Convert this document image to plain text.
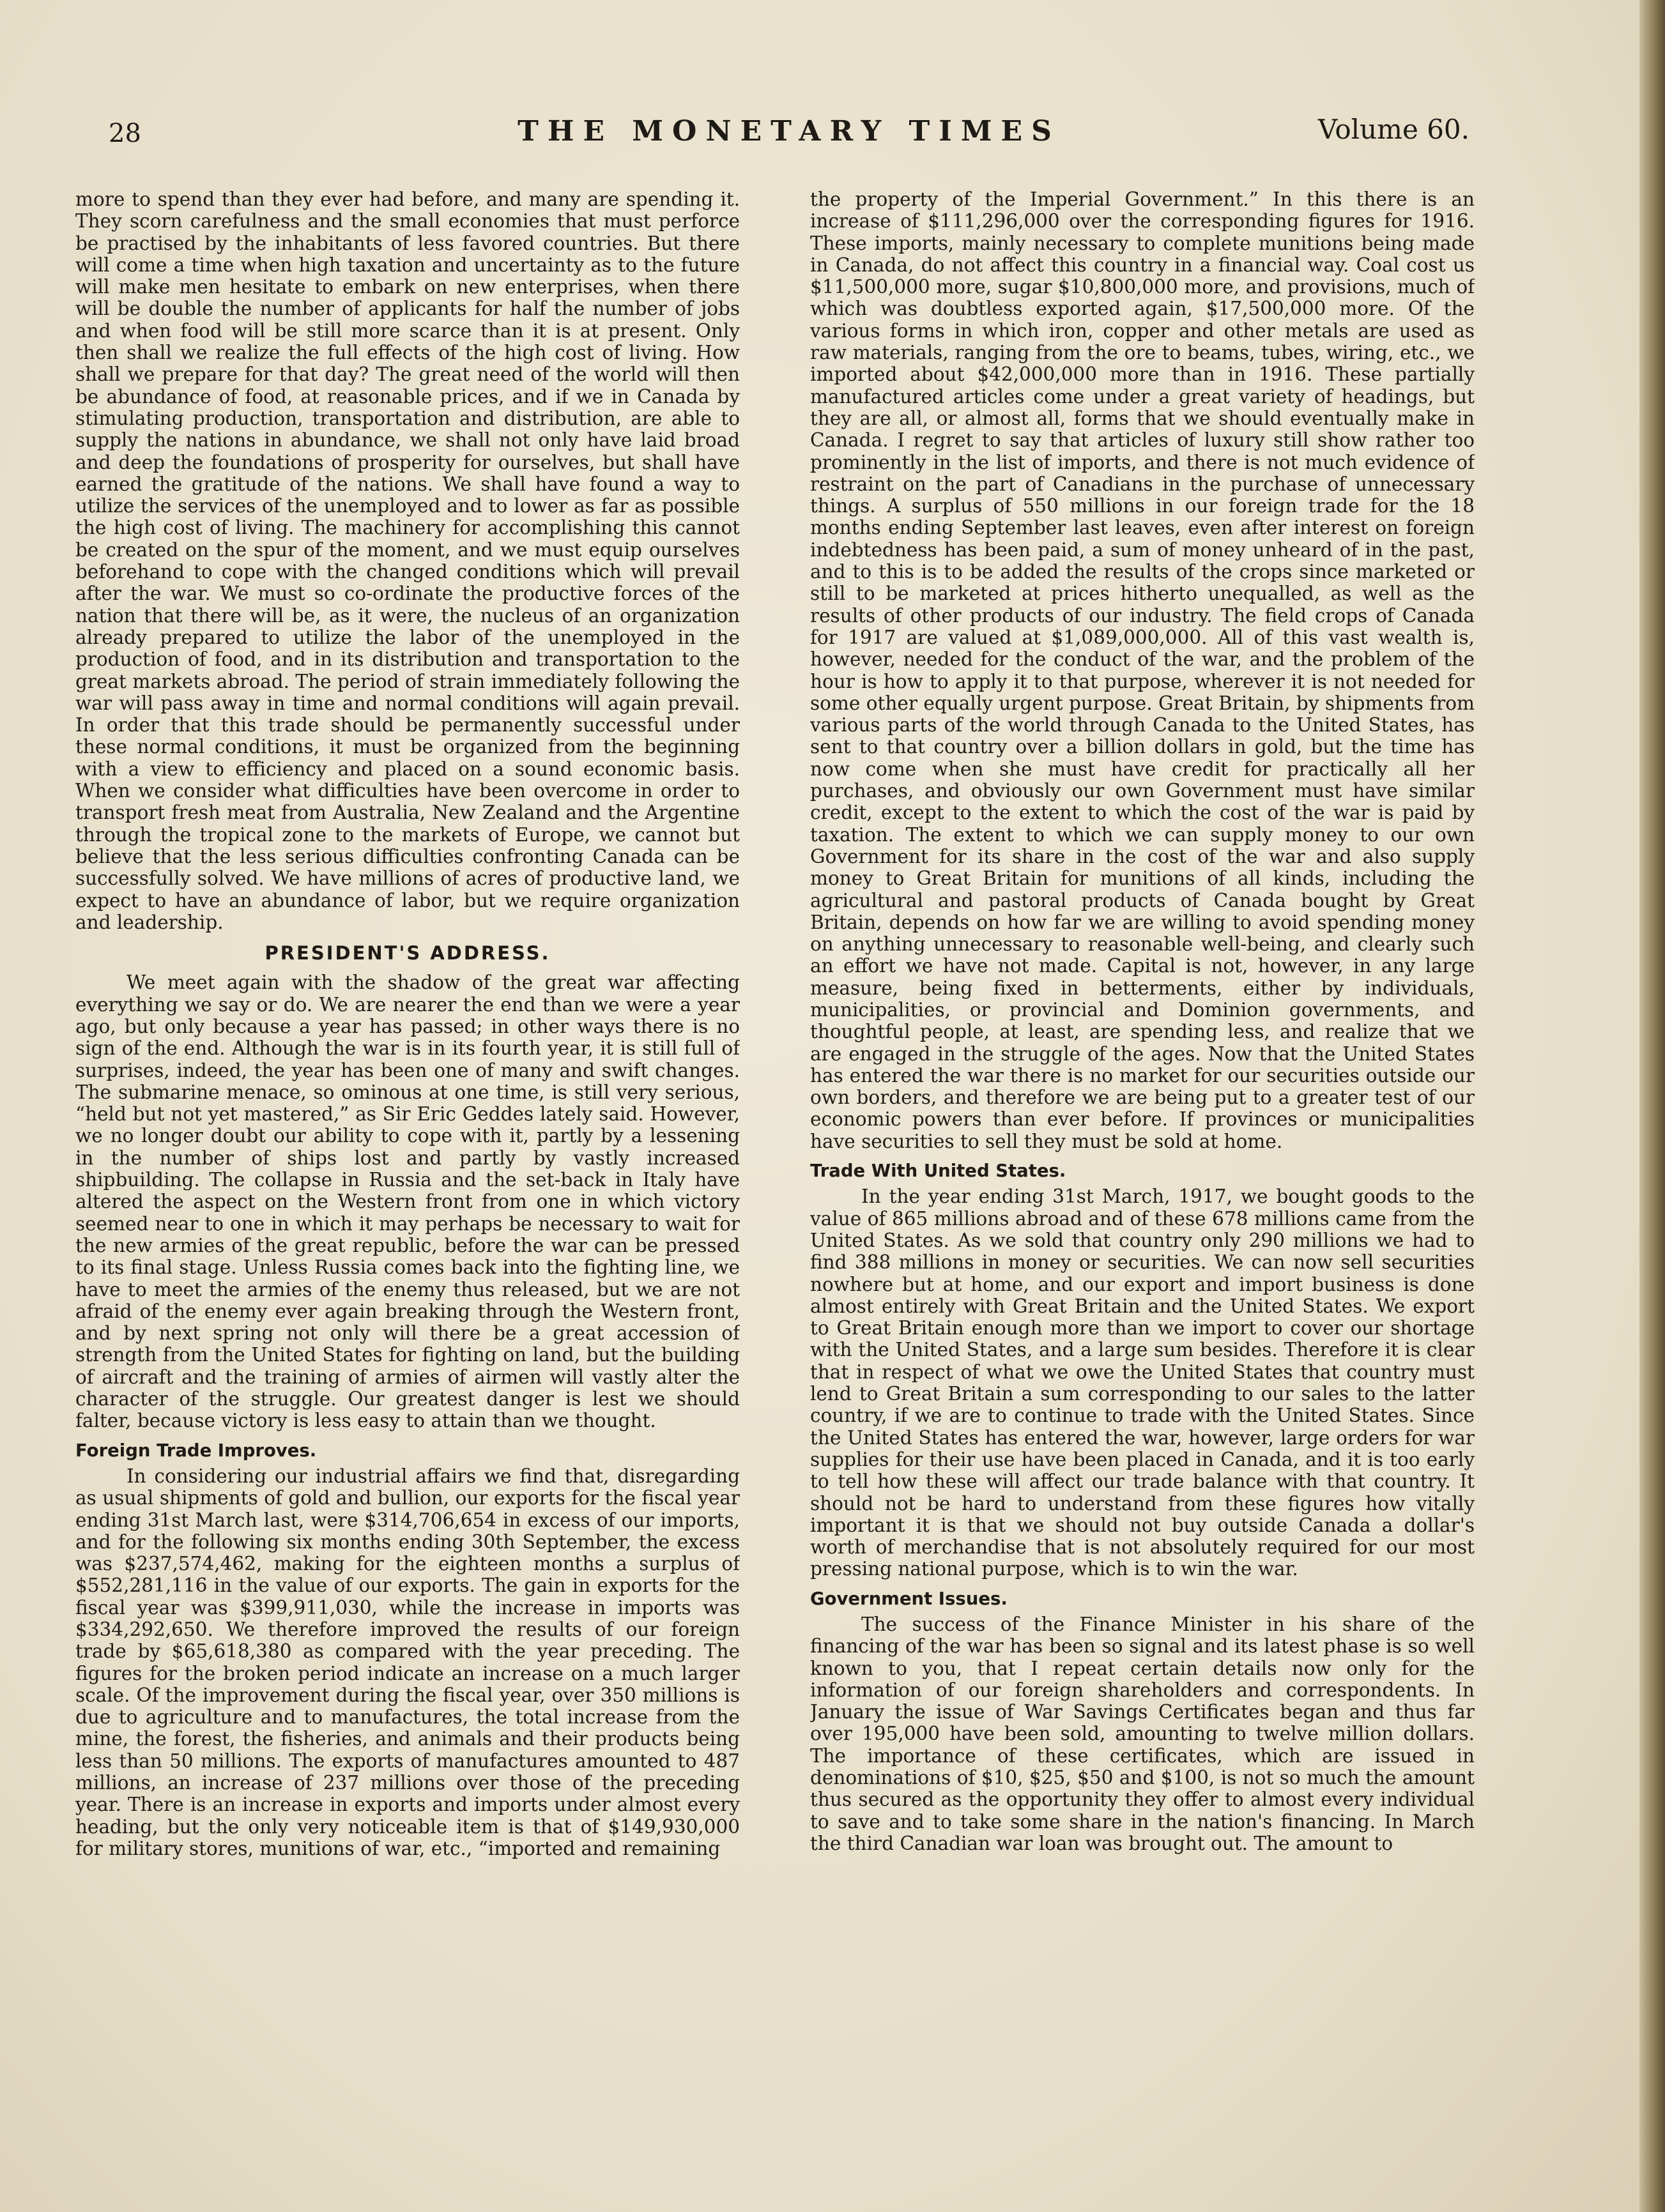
28	THE MONETARY TIMES	Volume 60.

more to spend than they ever had before, and many are spending it. They scorn carefulness and the small economies that must perforce be practised by the inhabitants of less favored countries. But there will come a time when high taxation and uncertainty as to the future will make men hesitate to embark on new enterprises, when there will be double the number of applicants for half the number of jobs and when food will be still more scarce than it is at present. Only then shall we realize the full effects of the high cost of living. How shall we prepare for that day? The great need of the world will then be abundance of food, at reasonable prices, and if we in Canada by stimulating production, transportation and distribution, are able to supply the nations in abundance, we shall not only have laid broad and deep the foundations of prosperity for ourselves, but shall have earned the gratitude of the nations. We shall have found a way to utilize the services of the unemployed and to lower as far as possible the high cost of living. The machinery for accomplishing this cannot be created on the spur of the moment, and we must equip ourselves beforehand to cope with the changed conditions which will prevail after the war. We must so co-ordinate the productive forces of the nation that there will be, as it were, the nucleus of an organization already prepared to utilize the labor of the unemployed in the production of food, and in its distribution and transportation to the great markets abroad. The period of strain immediately following the war will pass away in time and normal conditions will again prevail. In order that this trade should be permanently successful under these normal conditions, it must be organized from the beginning with a view to efficiency and placed on a sound economic basis. When we consider what difficulties have been overcome in order to transport fresh meat from Australia, New Zealand and the Argentine through the tropical zone to the markets of Europe, we cannot but believe that the less serious difficulties confronting Canada can be successfully solved. We have millions of acres of productive land, we expect to have an abundance of labor, but we require organization and leadership.

PRESIDENT'S ADDRESS.

We meet again with the shadow of the great war affecting everything we say or do. We are nearer the end than we were a year ago, but only because a year has passed; in other ways there is no sign of the end. Although the war is in its fourth year, it is still full of surprises, indeed, the year has been one of many and swift changes. The submarine menace, so ominous at one time, is still very serious, “held but not yet mastered,” as Sir Eric Geddes lately said. However, we no longer doubt our ability to cope with it, partly by a lessening in the number of ships lost and partly by vastly increased shipbuilding. The collapse in Russia and the set-back in Italy have altered the aspect on the Western front from one in which victory seemed near to one in which it may perhaps be necessary to wait for the new armies of the great republic, before the war can be pressed to its final stage. Unless Russia comes back into the fighting line, we have to meet the armies of the enemy thus released, but we are not afraid of the enemy ever again breaking through the Western front, and by next spring not only will there be a great accession of strength from the United States for fighting on land, but the building of aircraft and the training of armies of airmen will vastly alter the character of the struggle. Our greatest danger is lest we should falter, because victory is less easy to attain than we thought.

Foreign Trade Improves.

In considering our industrial affairs we find that, disregarding as usual shipments of gold and bullion, our exports for the fiscal year ending 31st March last, were $314,706,654 in excess of our imports, and for the following six months ending 30th September, the excess was $237,574,462, making for the eighteen months a surplus of $552,281,116 in the value of our exports. The gain in exports for the fiscal year was $399,911,030, while the increase in imports was $334,292,650. We therefore improved the results of our foreign trade by $65,618,380 as compared with the year preceding. The figures for the broken period indicate an increase on a much larger scale. Of the improvement during the fiscal year, over 350 millions is due to agriculture and to manufactures, the total increase from the mine, the forest, the fisheries, and animals and their products being less than 50 millions. The exports of manufactures amounted to 487 millions, an increase of 237 millions over those of the preceding year. There is an increase in exports and imports under almost every heading, but the only very noticeable item is that of $149,930,000 for military stores, munitions of war, etc., “imported and remaining

the property of the Imperial Government.” In this there is an increase of $111,296,000 over the corresponding figures for 1916. These imports, mainly necessary to complete munitions being made in Canada, do not affect this country in a financial way. Coal cost us $11,500,000 more, sugar $10,800,000 more, and provisions, much of which was doubtless exported again, $17,500,000 more. Of the various forms in which iron, copper and other metals are used as raw materials, ranging from the ore to beams, tubes, wiring, etc., we imported about $42,000,000 more than in 1916. These partially manufactured articles come under a great variety of headings, but they are all, or almost all, forms that we should eventually make in Canada. I regret to say that articles of luxury still show rather too prominently in the list of imports, and there is not much evidence of restraint on the part of Canadians in the purchase of unnecessary things. A surplus of 550 millions in our foreign trade for the 18 months ending September last leaves, even after interest on foreign indebtedness has been paid, a sum of money unheard of in the past, and to this is to be added the results of the crops since marketed or still to be marketed at prices hitherto unequalled, as well as the results of other products of our industry. The field crops of Canada for 1917 are valued at $1,089,000,000. All of this vast wealth is, however, needed for the conduct of the war, and the problem of the hour is how to apply it to that purpose, wherever it is not needed for some other equally urgent purpose. Great Britain, by shipments from various parts of the world through Canada to the United States, has sent to that country over a billion dollars in gold, but the time has now come when she must have credit for practically all her purchases, and obviously our own Government must have similar credit, except to the extent to which the cost of the war is paid by taxation. The extent to which we can supply money to our own Government for its share in the cost of the war and also supply money to Great Britain for munitions of all kinds, including the agricultural and pastoral products of Canada bought by Great Britain, depends on how far we are willing to avoid spending money on anything unnecessary to reasonable well-being, and clearly such an effort we have not made. Capital is not, however, in any large measure, being fixed in betterments, either by individuals, municipalities, or provincial and Dominion governments, and thoughtful people, at least, are spending less, and realize that we are engaged in the struggle of the ages. Now that the United States has entered the war there is no market for our securities outside our own borders, and therefore we are being put to a greater test of our economic powers than ever before. If provinces or municipalities have securities to sell they must be sold at home.

Trade With United States.

In the year ending 31st March, 1917, we bought goods to the value of 865 millions abroad and of these 678 millions came from the United States. As we sold that country only 290 millions we had to find 388 millions in money or securities. We can now sell securities nowhere but at home, and our export and import business is done almost entirely with Great Britain and the United States. We export to Great Britain enough more than we import to cover our shortage with the United States, and a large sum besides. Therefore it is clear that in respect of what we owe the United States that country must lend to Great Britain a sum corresponding to our sales to the latter country, if we are to continue to trade with the United States. Since the United States has entered the war, however, large orders for war supplies for their use have been placed in Canada, and it is too early to tell how these will affect our trade balance with that country. It should not be hard to understand from these figures how vitally important it is that we should not buy outside Canada a dollar's worth of merchandise that is not absolutely required for our most pressing national purpose, which is to win the war.

Government Issues.

The success of the Finance Minister in his share of the financing of the war has been so signal and its latest phase is so well known to you, that I repeat certain details now only for the information of our foreign shareholders and correspondents. In January the issue of War Savings Certificates began and thus far over 195,000 have been sold, amounting to twelve million dollars. The importance of these certificates, which are issued in denominations of $10, $25, $50 and $100, is not so much the amount thus secured as the opportunity they offer to almost every individual to save and to take some share in the nation's financing. In March the third Canadian war loan was brought out. The amount to
